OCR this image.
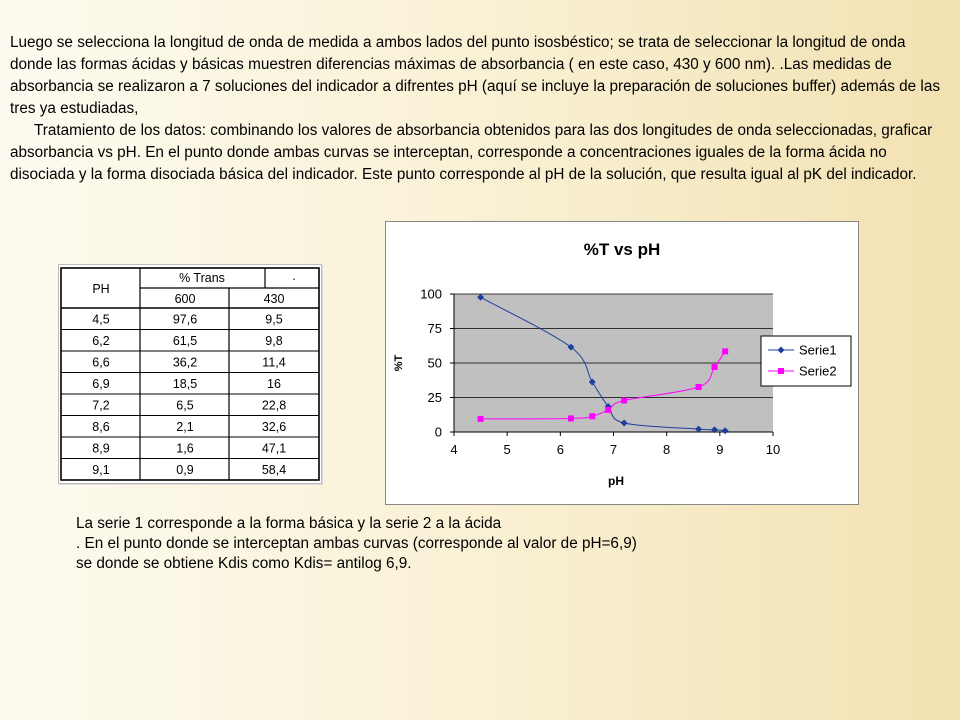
Luego se selecciona la longitud de onda de medida a ambos lados del punto isosbéstico; se trata de seleccionar la longitud de onda donde las formas ácidas y básicas muestren diferencias máximas de absorbancia ( en este caso, 430 y 600 nm). .Las medidas de absorbancia se realizaron a 7 soluciones del indicador a difrentes pH (aquí se incluye la preparación de soluciones buffer) además de las tres ya estudiadas,

Tratamiento de los datos: combinando los valores de absorbancia obtenidos para las dos longitudes de onda seleccionadas, graficar absorbancia vs pH. En el punto donde ambas curvas se interceptan, corresponde a concentraciones iguales de la forma ácida no disociada y la forma disociada básica del indicador. Este punto corresponde al pH de la solución, que resulta igual al pK del indicador.

PH
% Trans	.
600	430
4,5	97,6	9,5
6,2	61,5	9,8
6,6	36,2	11,4
6,9	18,5	16
7,2	6,5	22,8
8,6	2,1	32,6
8,9	1,6	47,1
9,1	0,9	58,4
%T vs pH
0
25
50
75
100
4	5	6	7	8	9	10
pH
%T
Serie1
Serie2

La serie 1 corresponde a la forma básica y la serie 2 a la ácida

. En el punto donde se interceptan ambas curvas (corresponde al valor de pH=6,9)

se donde se obtiene Kdis como Kdis= antilog 6,9.
